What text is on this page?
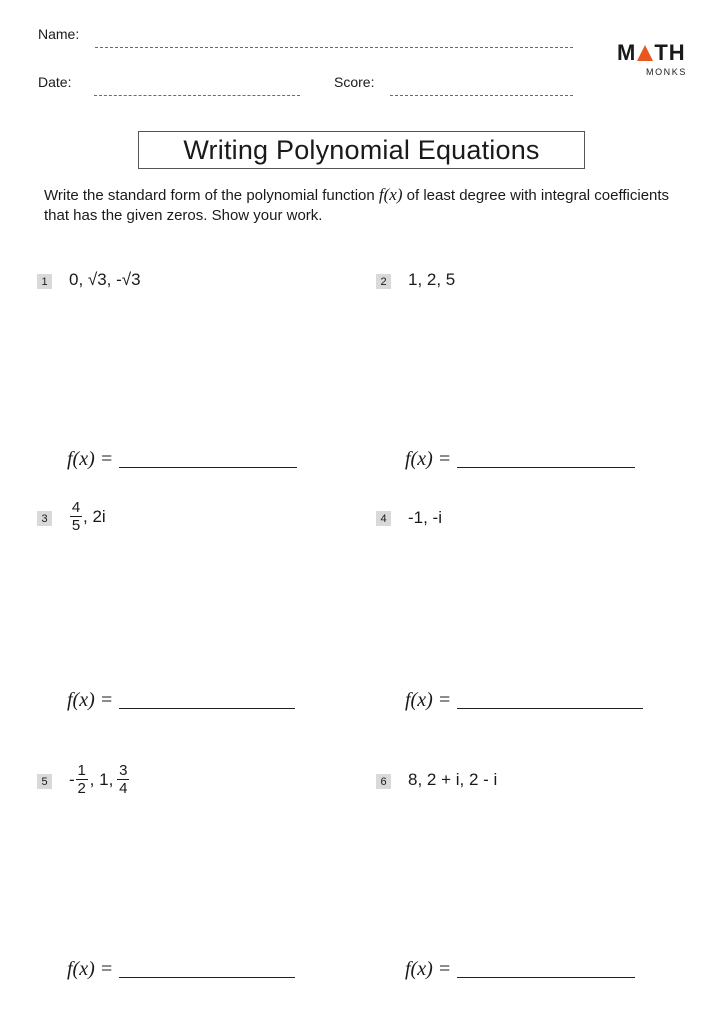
Name:
Date:	Score:
M TH
MONKS
Writing Polynomial Equations
Write the standard form of the polynomial function f(x) of least degree with integral coefficients that has the given zeros. Show your work.
1 0, √3, -√3	2 1, 2, 5
f(x) =	f(x) =
$3 \frac{4}{5}$ , 2i	4 -1, -i
f(x) =	f(x) =
$5 - \frac{1}{2}$ , 1, $\frac{3}{4}$	6 8, 2 + i, 2 - i
f(x) =	f(x) =
